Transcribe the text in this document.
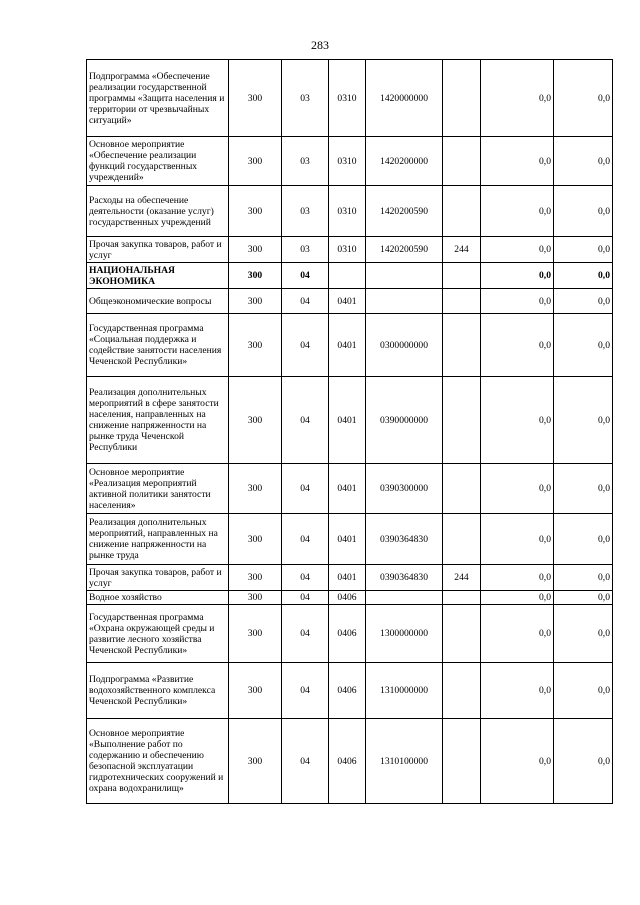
283
Подпрограмма «Обеспечение реализации государственной программы «Защита населения и территории от чрезвычайных ситуаций»	300	03	0310	1420000000		0,0	0,0
Основное мероприятие «Обеспечение реализации функций государственных учреждений»	300	03	0310	1420200000		0,0	0,0
Расходы на обеспечение деятельности (оказание услуг) государственных учреждений	300	03	0310	1420200590		0,0	0,0
Прочая закупка товаров, работ и услуг	300	03	0310	1420200590	244	0,0	0,0
НАЦИОНАЛЬНАЯ ЭКОНОМИКА	300	04				0,0	0,0
Общеэкономические вопросы	300	04	0401			0,0	0,0
Государственная программа «Социальная поддержка и содействие занятости населения Чеченской Республики»	300	04	0401	0300000000		0,0	0,0
Реализация дополнительных мероприятий в сфере занятости населения, направленных на снижение напряженности на рынке труда Чеченской Республики	300	04	0401	0390000000		0,0	0,0
Основное мероприятие «Реализация мероприятий активной политики занятости населения»	300	04	0401	0390300000		0,0	0,0
Реализация дополнительных мероприятий, направленных на снижение напряженности на рынке труда	300	04	0401	0390364830		0,0	0,0
Прочая закупка товаров, работ и услуг	300	04	0401	0390364830	244	0,0	0,0
Водное хозяйство	300	04	0406			0,0	0,0
Государственная программа «Охрана окружающей среды и развитие лесного хозяйства Чеченской Республики»	300	04	0406	1300000000		0,0	0,0
Подпрограмма «Развитие водохозяйственного комплекса Чеченской Республики»	300	04	0406	1310000000		0,0	0,0
Основное мероприятие «Выполнение работ по содержанию и обеспечению безопасной эксплуатации гидротехнических сооружений и охрана водохранилищ»	300	04	0406	1310100000		0,0	0,0
